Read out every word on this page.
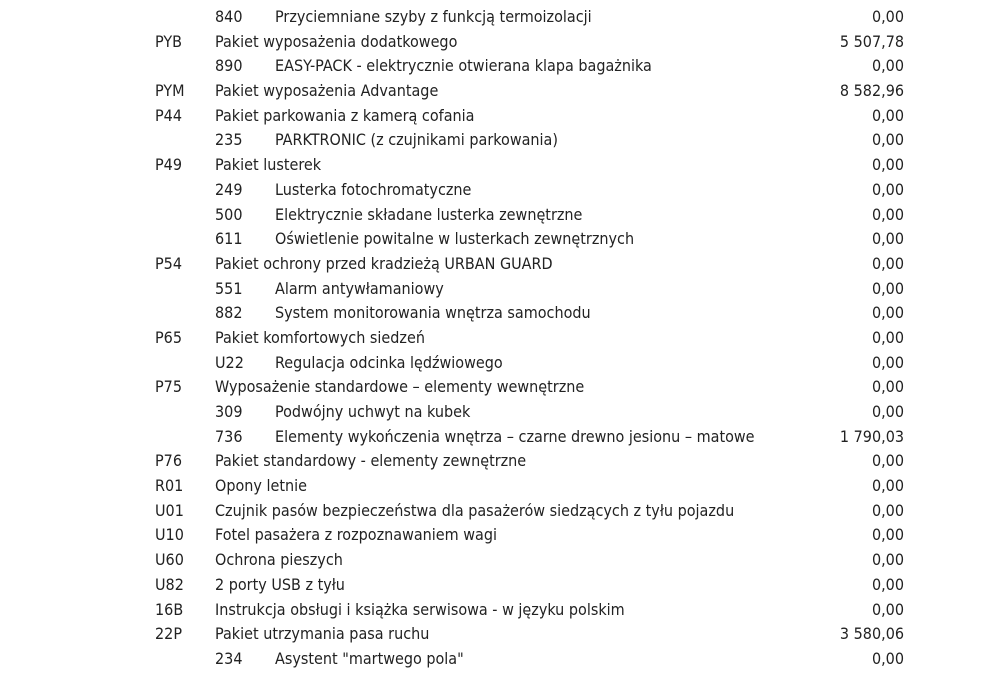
840 Przyciemniane szyby z funkcją termoizolacji	0,00
PYB Pakiet wyposażenia dodatkowego	5 507,78
890 EASY-PACK - elektrycznie otwierana klapa bagażnika	0,00
PYM Pakiet wyposażenia Advantage	8 582,96
P44 Pakiet parkowania z kamerą cofania	0,00
235 PARKTRONIC (z czujnikami parkowania)	0,00
P49 Pakiet lusterek	0,00
249 Lusterka fotochromatyczne	0,00
500 Elektrycznie składane lusterka zewnętrzne	0,00
611 Oświetlenie powitalne w lusterkach zewnętrznych	0,00
P54 Pakiet ochrony przed kradzieżą URBAN GUARD	0,00
551 Alarm antywłamaniowy	0,00
882 System monitorowania wnętrza samochodu	0,00
P65 Pakiet komfortowych siedzeń	0,00
U22 Regulacja odcinka lędźwiowego	0,00
P75 Wyposażenie standardowe – elementy wewnętrzne	0,00
309 Podwójny uchwyt na kubek	0,00
736 Elementy wykończenia wnętrza – czarne drewno jesionu – matowe	1 790,03
P76 Pakiet standardowy - elementy zewnętrzne	0,00
R01 Opony letnie	0,00
U01 Czujnik pasów bezpieczeństwa dla pasażerów siedzących z tyłu pojazdu	0,00
U10 Fotel pasażera z rozpoznawaniem wagi	0,00
U60 Ochrona pieszych	0,00
U82 2 porty USB z tyłu	0,00
16B Instrukcja obsługi i książka serwisowa - w języku polskim	0,00
22P Pakiet utrzymania pasa ruchu	3 580,06
234 Asystent "martwego pola"	0,00
